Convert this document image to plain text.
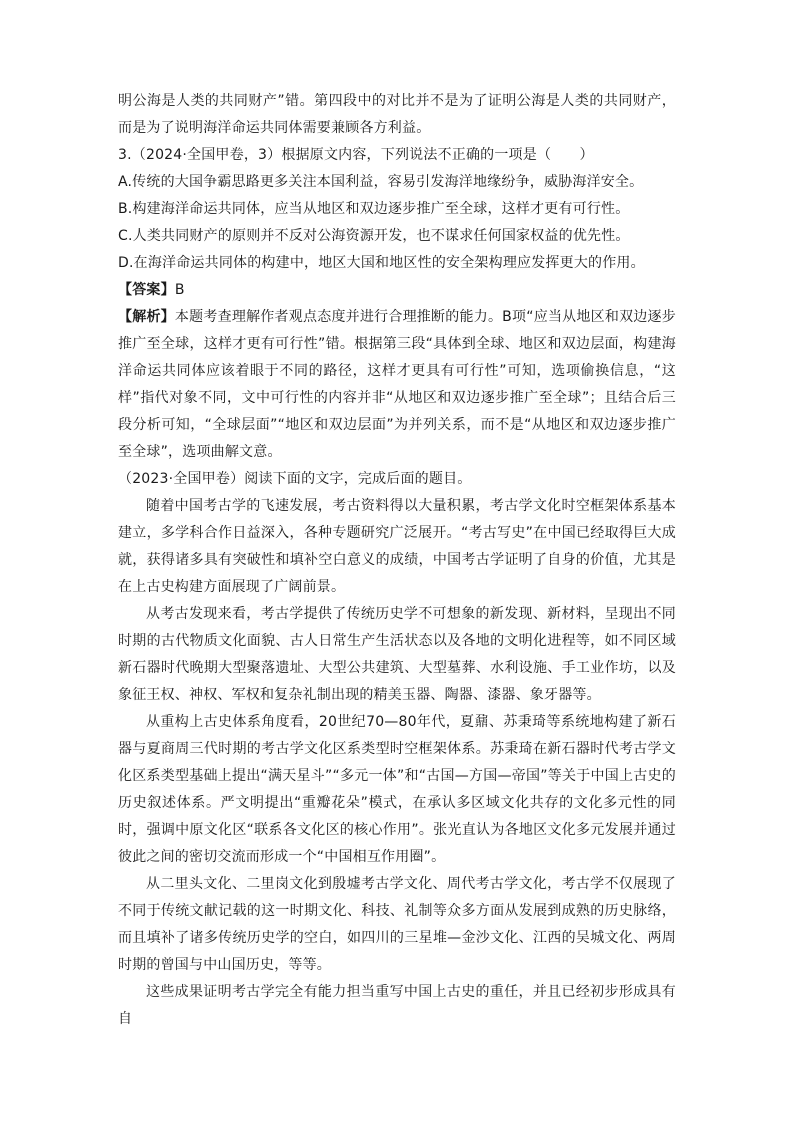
明公海是人类的共同财产”错。第四段中的对比并不是为了证明公海是人类的共同财产，而是为了说明海洋命运共同体需要兼顾各方利益。

3.（2024·全国甲卷，3）根据原文内容，下列说法不正确的一项是（　　）

A.传统的大国争霸思路更多关注本国利益，容易引发海洋地缘纷争，威胁海洋安全。

B.构建海洋命运共同体，应当从地区和双边逐步推广至全球，这样才更有可行性。

C.人类共同财产的原则并不反对公海资源开发，也不谋求任何国家权益的优先性。

D.在海洋命运共同体的构建中，地区大国和地区性的安全架构理应发挥更大的作用。

【答案】B

【解析】本题考查理解作者观点态度并进行合理推断的能力。B项“应当从地区和双边逐步推广至全球，这样才更有可行性”错。根据第三段“具体到全球、地区和双边层面，构建海洋命运共同体应该着眼于不同的路径，这样才更具有可行性”可知，选项偷换信息，“这样”指代对象不同，文中可行性的内容并非“从地区和双边逐步推广至全球”；且结合后三段分析可知，“全球层面”“地区和双边层面”为并列关系，而不是“从地区和双边逐步推广至全球”，选项曲解文意。

（2023·全国甲卷）阅读下面的文字，完成后面的题目。

随着中国考古学的飞速发展，考古资料得以大量积累，考古学文化时空框架体系基本建立，多学科合作日益深入，各种专题研究广泛展开。“考古写史”在中国已经取得巨大成就，获得诸多具有突破性和填补空白意义的成绩，中国考古学证明了自身的价值，尤其是在上古史构建方面展现了广阔前景。

从考古发现来看，考古学提供了传统历史学不可想象的新发现、新材料，呈现出不同时期的古代物质文化面貌、古人日常生产生活状态以及各地的文明化进程等，如不同区域新石器时代晚期大型聚落遗址、大型公共建筑、大型墓葬、水利设施、手工业作坊，以及象征王权、神权、军权和复杂礼制出现的精美玉器、陶器、漆器、象牙器等。

从重构上古史体系角度看，20世纪70—80年代，夏鼐、苏秉琦等系统地构建了新石器与夏商周三代时期的考古学文化区系类型时空框架体系。苏秉琦在新石器时代考古学文化区系类型基础上提出“满天星斗”“多元一体”和“古国—方国—帝国”等关于中国上古史的历史叙述体系。严文明提出“重瓣花朵”模式，在承认多区域文化共存的文化多元性的同时，强调中原文化区“联系各文化区的核心作用”。张光直认为各地区文化多元发展并通过彼此之间的密切交流而形成一个“中国相互作用圈”。

从二里头文化、二里岗文化到殷墟考古学文化、周代考古学文化，考古学不仅展现了不同于传统文献记载的这一时期文化、科技、礼制等众多方面从发展到成熟的历史脉络，而且填补了诸多传统历史学的空白，如四川的三星堆—金沙文化、江西的吴城文化、两周时期的曾国与中山国历史，等等。

这些成果证明考古学完全有能力担当重写中国上古史的重任，并且已经初步形成具有自
